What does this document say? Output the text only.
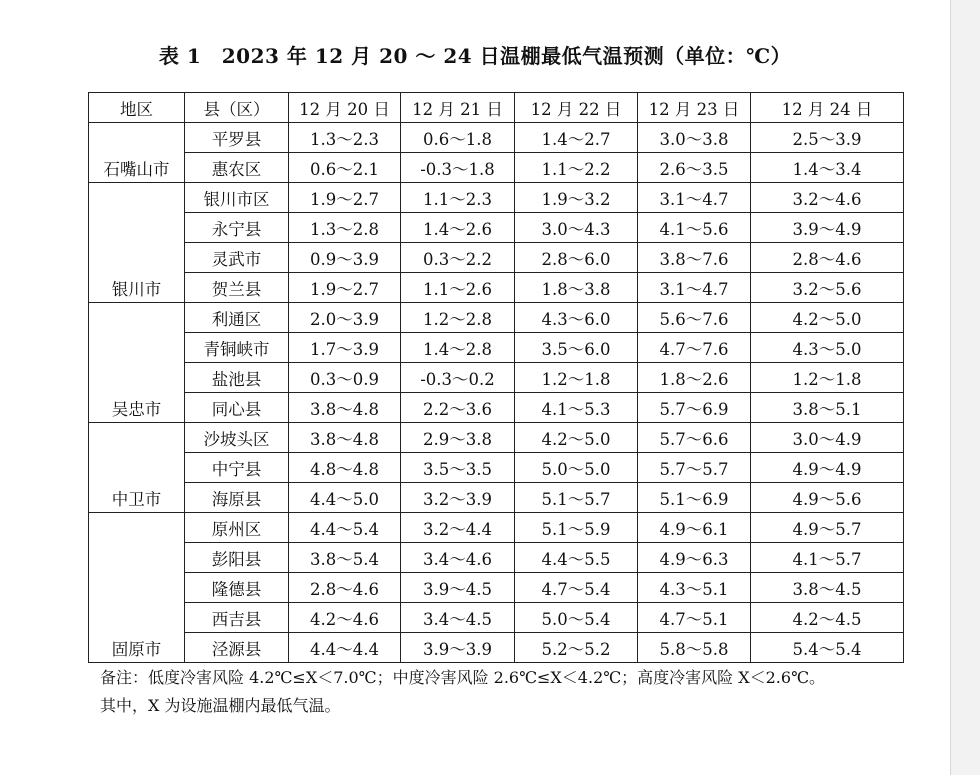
表 1　2023 年 12 月 20 ～ 24 日温棚最低气温预测（单位：℃）
地区	县（区）	12 月 20 日	12 月 21 日	12 月 22 日	12 月 23 日	12 月 24 日
石嘴山市	平罗县	1.3～2.3	0.6～1.8	1.4～2.7	3.0～3.8	2.5～3.9
	惠农区	0.6～2.1	-0.3～1.8	1.1～2.2	2.6～3.5	1.4～3.4
银川市	银川市区	1.9～2.7	1.1～2.3	1.9～3.2	3.1～4.7	3.2～4.6
	永宁县	1.3～2.8	1.4～2.6	3.0～4.3	4.1～5.6	3.9～4.9
	灵武市	0.9～3.9	0.3～2.2	2.8～6.0	3.8～7.6	2.8～4.6
	贺兰县	1.9～2.7	1.1～2.6	1.8～3.8	3.1～4.7	3.2～5.6
吴忠市	利通区	2.0～3.9	1.2～2.8	4.3～6.0	5.6～7.6	4.2～5.0
	青铜峡市	1.7～3.9	1.4～2.8	3.5～6.0	4.7～7.6	4.3～5.0
	盐池县	0.3～0.9	-0.3～0.2	1.2～1.8	1.8～2.6	1.2～1.8
	同心县	3.8～4.8	2.2～3.6	4.1～5.3	5.7～6.9	3.8～5.1
中卫市	沙坡头区	3.8～4.8	2.9～3.8	4.2～5.0	5.7～6.6	3.0～4.9
	中宁县	4.8～4.8	3.5～3.5	5.0～5.0	5.7～5.7	4.9～4.9
	海原县	4.4～5.0	3.2～3.9	5.1～5.7	5.1～6.9	4.9～5.6
固原市	原州区	4.4～5.4	3.2～4.4	5.1～5.9	4.9～6.1	4.9～5.7
	彭阳县	3.8～5.4	3.4～4.6	4.4～5.5	4.9～6.3	4.1～5.7
	隆德县	2.8～4.6	3.9～4.5	4.7～5.4	4.3～5.1	3.8～4.5
	西吉县	4.2～4.6	3.4～4.5	5.0～5.4	4.7～5.1	4.2～4.5
	泾源县	4.4～4.4	3.9～3.9	5.2～5.2	5.8～5.8	5.4～5.4

备注：低度冷害风险 4.2℃≤X＜7.0℃；中度冷害风险 2.6℃≤X＜4.2℃；高度冷害风险 X＜2.6℃。

其中，X 为设施温棚内最低气温。
